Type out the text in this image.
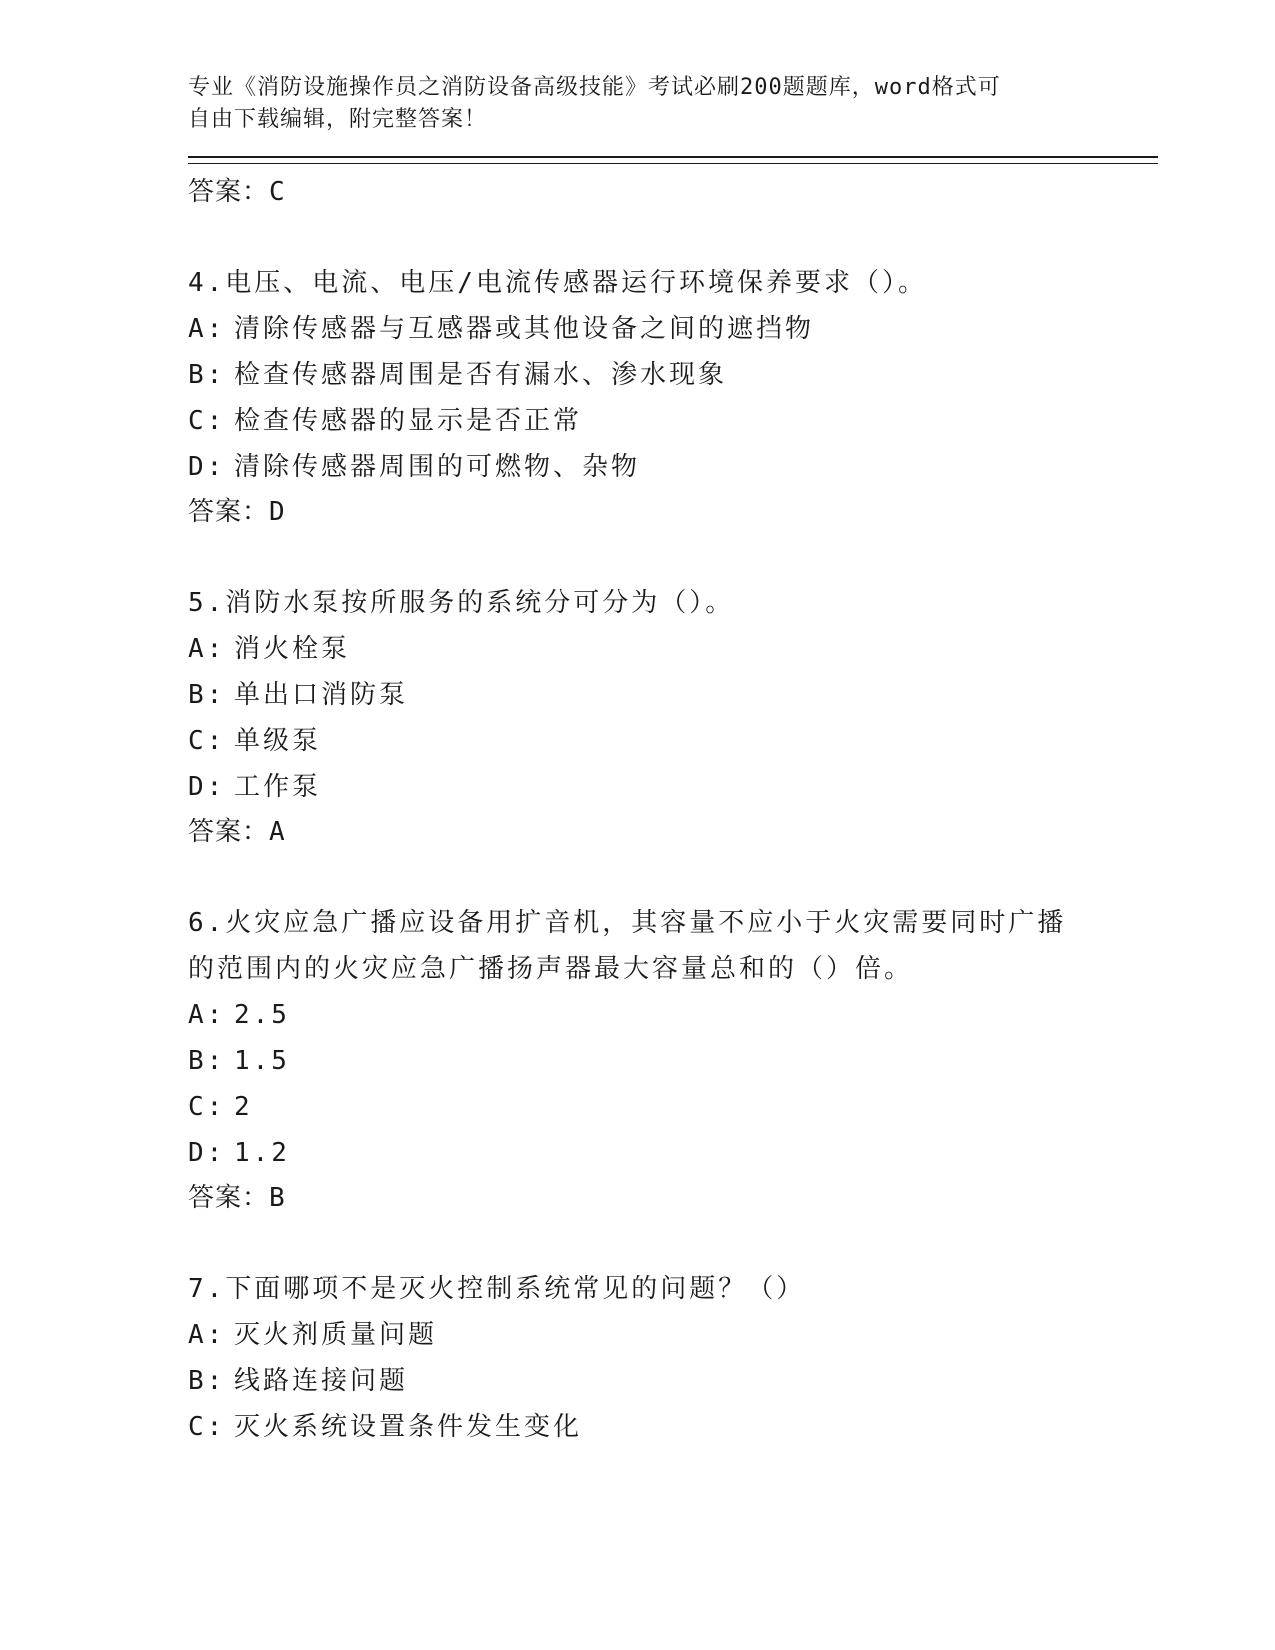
专业《消防设施操作员之消防设备高级技能》考试必刷200题题库，word格式可

自由下载编辑，附完整答案！

答案：C

4.电压、电流、电压/电流传感器运行环境保养要求（）。

A: 清除传感器与互感器或其他设备之间的遮挡物

B: 检查传感器周围是否有漏水、渗水现象

C: 检查传感器的显示是否正常

D: 清除传感器周围的可燃物、杂物

答案：D

5.消防水泵按所服务的系统分可分为（）。

A: 消火栓泵

B: 单出口消防泵

C: 单级泵

D: 工作泵

答案：A

6.火灾应急广播应设备用扩音机，其容量不应小于火灾需要同时广播

的范围内的火灾应急广播扬声器最大容量总和的（）倍。

A: 2.5

B: 1.5

C: 2

D: 1.2

答案：B

7.下面哪项不是灭火控制系统常见的问题？（）

A: 灭火剂质量问题

B: 线路连接问题

C: 灭火系统设置条件发生变化
